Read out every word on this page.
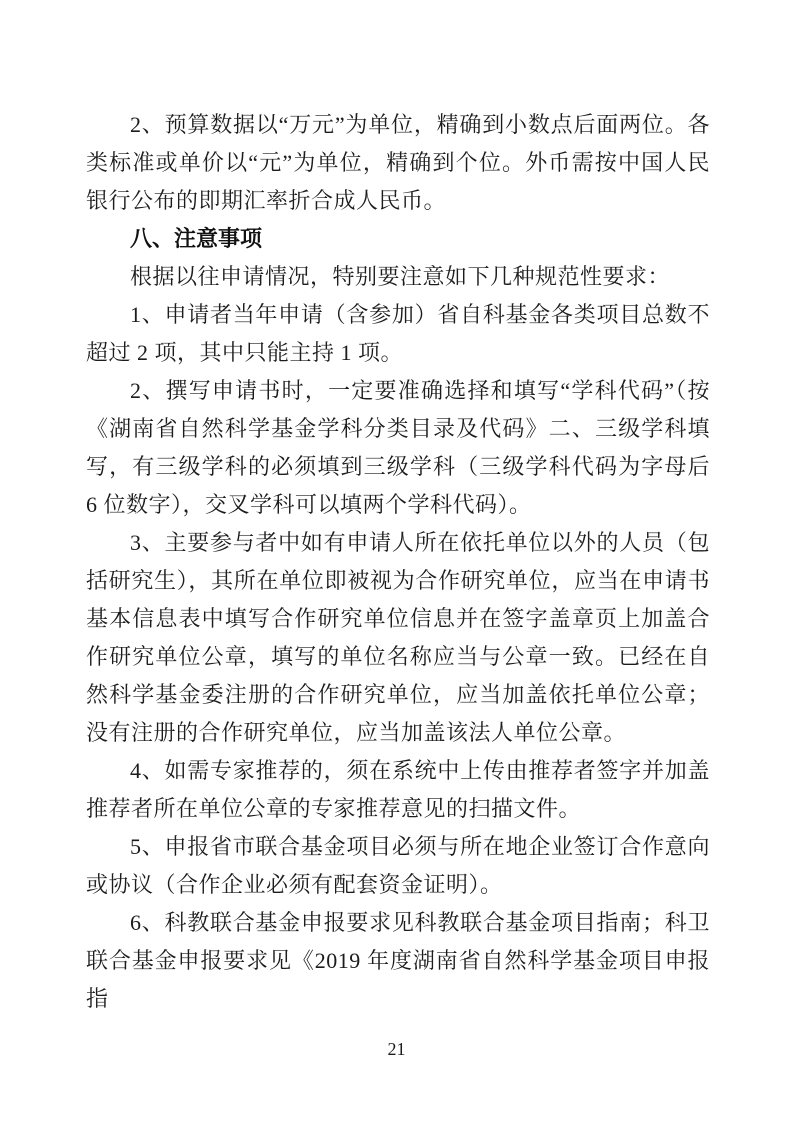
2、预算数据以“万元”为单位，精确到小数点后面两位。各类标准或单价以“元”为单位，精确到个位。外币需按中国人民银行公布的即期汇率折合成人民币。

八、注意事项

根据以往申请情况，特别要注意如下几种规范性要求：

1、申请者当年申请（含参加）省自科基金各类项目总数不超过 2 项，其中只能主持 1 项。

2、撰写申请书时，一定要准确选择和填写“学科代码”（按《湖南省自然科学基金学科分类目录及代码》二、三级学科填写，有三级学科的必须填到三级学科（三级学科代码为字母后 6 位数字），交叉学科可以填两个学科代码）。

3、主要参与者中如有申请人所在依托单位以外的人员（包括研究生），其所在单位即被视为合作研究单位，应当在申请书基本信息表中填写合作研究单位信息并在签字盖章页上加盖合作研究单位公章，填写的单位名称应当与公章一致。已经在自然科学基金委注册的合作研究单位，应当加盖依托单位公章；没有注册的合作研究单位，应当加盖该法人单位公章。

4、如需专家推荐的，须在系统中上传由推荐者签字并加盖推荐者所在单位公章的专家推荐意见的扫描文件。

5、申报省市联合基金项目必须与所在地企业签订合作意向或协议（合作企业必须有配套资金证明）。

6、科教联合基金申报要求见科教联合基金项目指南；科卫联合基金申报要求见《2019 年度湖南省自然科学基金项目申报指

21
